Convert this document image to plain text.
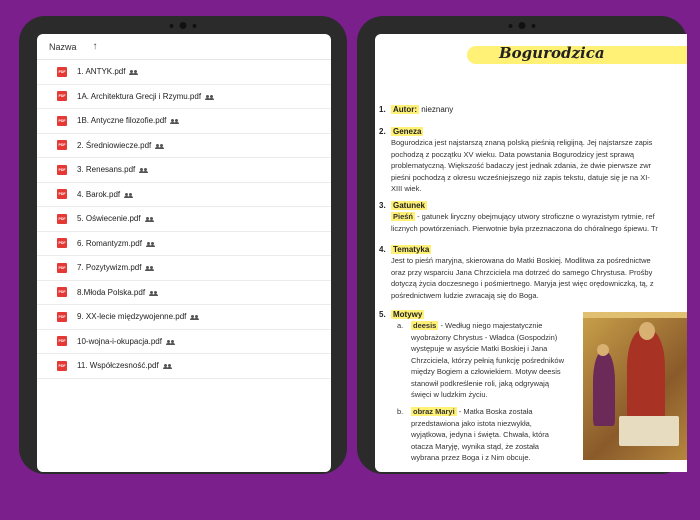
Nazwa ↑
PDF 1. ANTYK.pdf
PDF 1A. Architektura Grecji i Rzymu.pdf
PDF 1B. Antyczne filozofie.pdf
PDF 2. Średniowiecze.pdf
PDF 3. Renesans.pdf
PDF 4. Barok.pdf
PDF 5. Oświecenie.pdf
PDF 6. Romantyzm.pdf
PDF 7. Pozytywizm.pdf
PDF 8.Młoda Polska.pdf
PDF 9. XX-lecie międzywojenne.pdf
PDF 10-wojna-i-okupacja.pdf
PDF 11. Współczesność.pdf
Bogurodzica
1. Autor: nieznany
2. Geneza
Bogurodzica jest najstarszą znaną polską pieśnią religijną. Jej najstarsze zapis
pochodzą z początku XV wieku. Data powstania Bogurodzicy jest sprawą
problematyczną. Większość badaczy jest jednak zdania, że dwie pierwsze zwr
pieśni pochodzą z okresu wcześniejszego niż zapis tekstu, datuje się je na XI-
XIII wiek.
3. Gatunek
Pieśń - gatunek liryczny obejmujący utwory stroficzne o wyrazistym rytmie, ref
licznych powtórzeniach. Pierwotnie była przeznaczona do chóralnego śpiewu. Tr
4. Tematyka
Jest to pieśń maryjna, skierowana do Matki Boskiej. Modlitwa za pośrednictwe
oraz przy wsparciu Jana Chrzciciela ma dotrzeć do samego Chrystusa. Prośby
dotyczą życia doczesnego i pośmiertnego. Maryja jest więc orędowniczką, tą, z
pośrednictwem ludzie zwracają się do Boga.
5. Motywy
a. deesis - Według niego majestatycznie
wyobrażony Chrystus - Władca (Gospodzin)
występuje w asyście Matki Boskiej i Jana
Chrzciciela, którzy pełnią funkcję pośredników
między Bogiem a człowiekiem. Motyw deesis
stanowił podkreślenie roli, jaką odgrywają
święci w ludzkim życiu.
b. obraz Maryi - Matka Boska została
przedstawiona jako istota niezwykła,
wyjątkowa, jedyna i święta. Chwała, która
otacza Maryję, wynika stąd, że została
wybrana przez Boga i z Nim obcuje.
